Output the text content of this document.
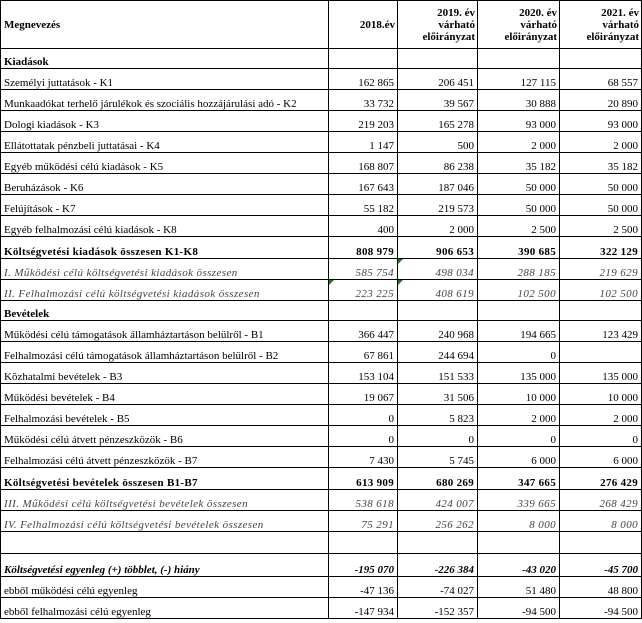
Megnevezés	2018.év	2019. év várható előirányzat	2020. év várható előirányzat	2021. év várható előirányzat
Kiadások				
Személyi juttatások - K1	162 865	206 451	127 115	68 557
Munkaadókat terhelő járulékok és szociális hozzájárulási adó - K2	33 732	39 567	30 888	20 890
Dologi kiadások - K3	219 203	165 278	93 000	93 000
Ellátottatak pénzbeli juttatásai - K4	1 147	500	2 000	2 000
Egyéb működési célú kiadások - K5	168 807	86 238	35 182	35 182
Beruházások - K6	167 643	187 046	50 000	50 000
Felújítások - K7	55 182	219 573	50 000	50 000
Egyéb felhalmozási célú kiadások - K8	400	2 000	2 500	2 500
Költségvetési kiadások összesen K1-K8	808 979	906 653	390 685	322 129
I. Működési célú költségvetési kiadások összesen	585 754	498 034	288 185	219 629
II. Felhalmozási célú költségvetési kiadások összesen	223 225	408 619	102 500	102 500
Bevételek				
Működési célú támogatások államháztartáson belülről - B1	366 447	240 968	194 665	123 429
Felhalmozási célú támogatások államháztartáson belülről - B2	67 861	244 694	0	
Közhatalmi bevételek - B3	153 104	151 533	135 000	135 000
Működési bevételek - B4	19 067	31 506	10 000	10 000
Felhalmozási bevételek - B5	0	5 823	2 000	2 000
Működési célú átvett pénzeszközök - B6	0	0	0	0
Felhalmozási célú átvett pénzeszközök - B7	7 430	5 745	6 000	6 000
Költségvetési bevételek összesen B1-B7	613 909	680 269	347 665	276 429
III. Működési célú költségvetési bevételek összesen	538 618	424 007	339 665	268 429
IV. Felhalmozási célú költségvetési bevételek összesen	75 291	256 262	8 000	8 000

Költségvetési egyenleg (+) többlet, (-) hiány	-195 070	-226 384	-43 020	-45 700
ebből működési célú egyenleg	-47 136	-74 027	51 480	48 800
ebből felhalmozási célú egyenleg	-147 934	-152 357	-94 500	-94 500
